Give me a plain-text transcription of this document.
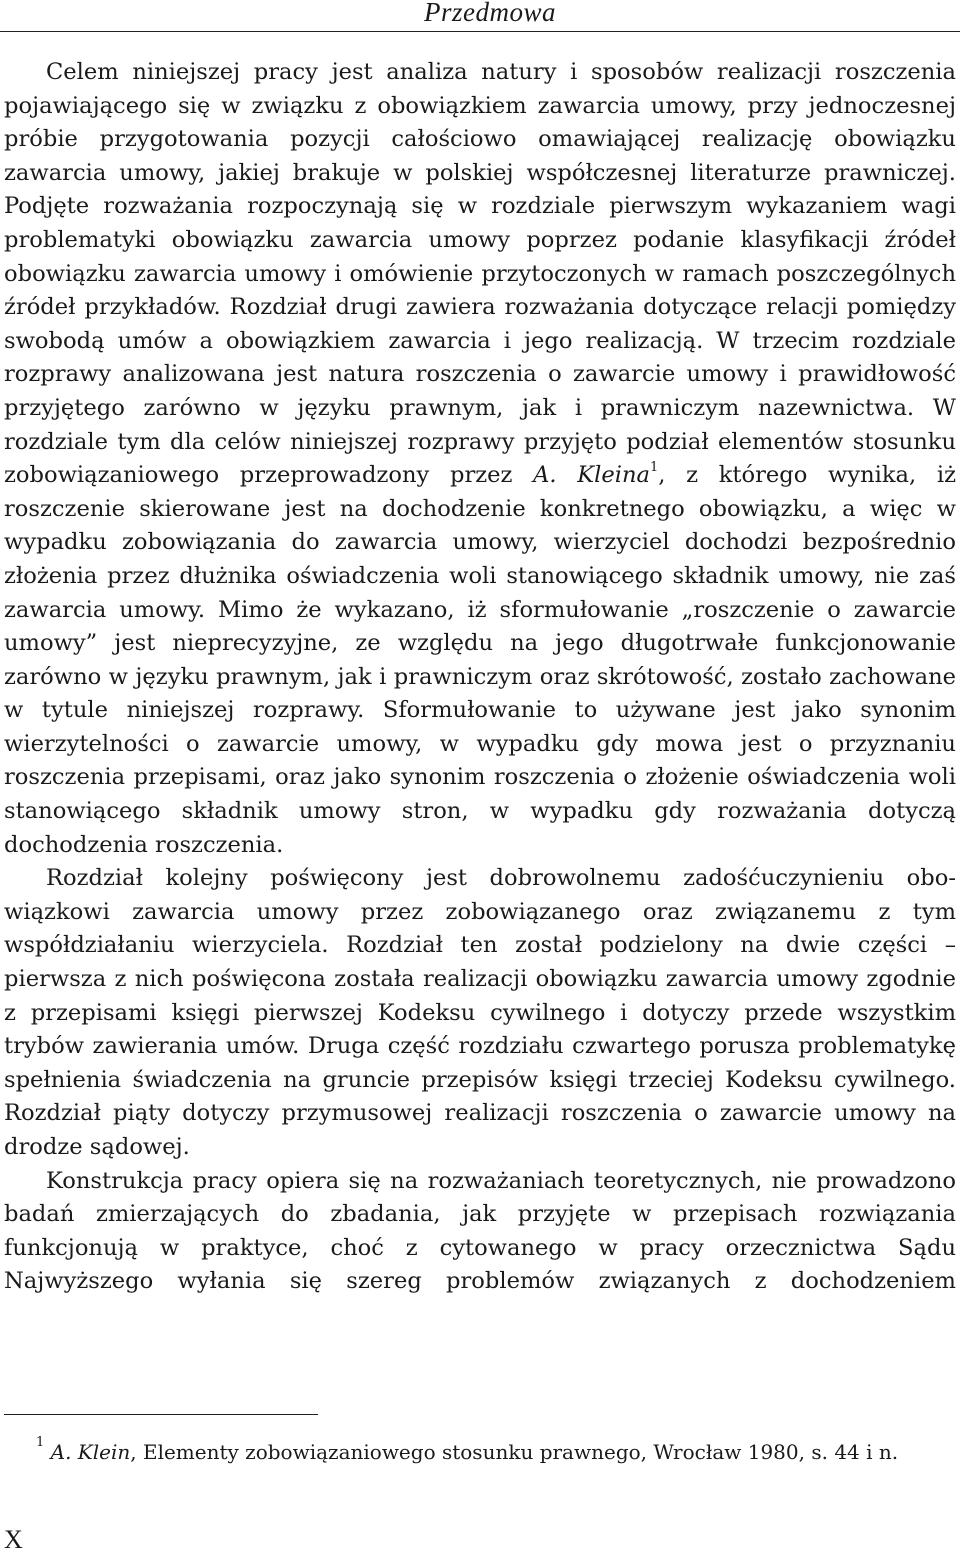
Przedmowa

Celem niniejszej pracy jest analiza natury i sposobów realizacji roszczenia pojawiającego się w związku z obowiązkiem zawarcia umowy, przy jednoczesnej próbie przygotowania pozycji całościowo omawiającej realizację obowiązku zawarcia umowy, jakiej brakuje w polskiej współczesnej literaturze prawniczej. Podjęte rozważania rozpoczynają się w rozdziale pierwszym wykazaniem wagi problematyki obowiązku zawarcia umowy poprzez podanie klasyfikacji źródeł obowiązku zawarcia umowy i omówienie przytoczonych w ramach poszczególnych źródeł przykładów. Rozdział drugi zawiera rozważania dotyczące relacji pomiędzy swobodą umów a obowiązkiem zawarcia i jego realizacją. W trzecim rozdziale rozprawy analizowana jest natura roszczenia o zawarcie umowy i prawidłowość przyjętego zarówno w języku prawnym, jak i prawniczym nazewnictwa. W rozdziale tym dla celów niniejszej rozprawy przyjęto podział elementów stosunku zobowiązaniowego przeprowadzony przez A. Kleina$^1$, z którego wynika, iż roszczenie skierowane jest na dochodzenie konkretnego obowiązku, a więc w wypadku zobowiązania do zawarcia umowy, wierzyciel dochodzi bezpośrednio złożenia przez dłużnika oświadczenia woli stanowiącego składnik umowy, nie zaś zawarcia umowy. Mimo że wykazano, iż sformułowanie „roszczenie o zawarcie umowy” jest nieprecyzyjne, ze względu na jego długotrwałe funkcjonowanie zarówno w języku prawnym, jak i prawniczym oraz skrótowość, zostało zachowane w tytule niniejszej rozprawy. Sformułowanie to używane jest jako synonim wierzytelności o zawarcie umowy, w wypadku gdy mowa jest o przyznaniu roszczenia przepisami, oraz jako synonim roszczenia o złożenie oświadczenia woli stanowiącego składnik umowy stron, w wypadku gdy rozważania dotyczą dochodzenia roszczenia.

Rozdział kolejny poświęcony jest dobrowolnemu zadośćuczynieniu obowiązkowi zawarcia umowy przez zobowiązanego oraz związanemu z tym współdziałaniu wierzyciela. Rozdział ten został podzielony na dwie części – pierwsza z nich poświęcona została realizacji obowiązku zawarcia umowy zgodnie z przepisami księgi pierwszej Kodeksu cywilnego i dotyczy przede wszystkim trybów zawierania umów. Druga część rozdziału czwartego porusza problematykę spełnienia świadczenia na gruncie przepisów księgi trzeciej Kodeksu cywilnego. Rozdział piąty dotyczy przymusowej realizacji roszczenia o zawarcie umowy na drodze sądowej.

Konstrukcja pracy opiera się na rozważaniach teoretycznych, nie prowadzono badań zmierzających do zbadania, jak przyjęte w przepisach rozwiązania funkcjonują w praktyce, choć z cytowanego w pracy orzecznictwa Sądu Najwyższego wyłania się szereg problemów związanych z dochodzeniem

$^1$ A. Klein, Elementy zobowiązaniowego stosunku prawnego, Wrocław 1980, s. 44 i n.
X
